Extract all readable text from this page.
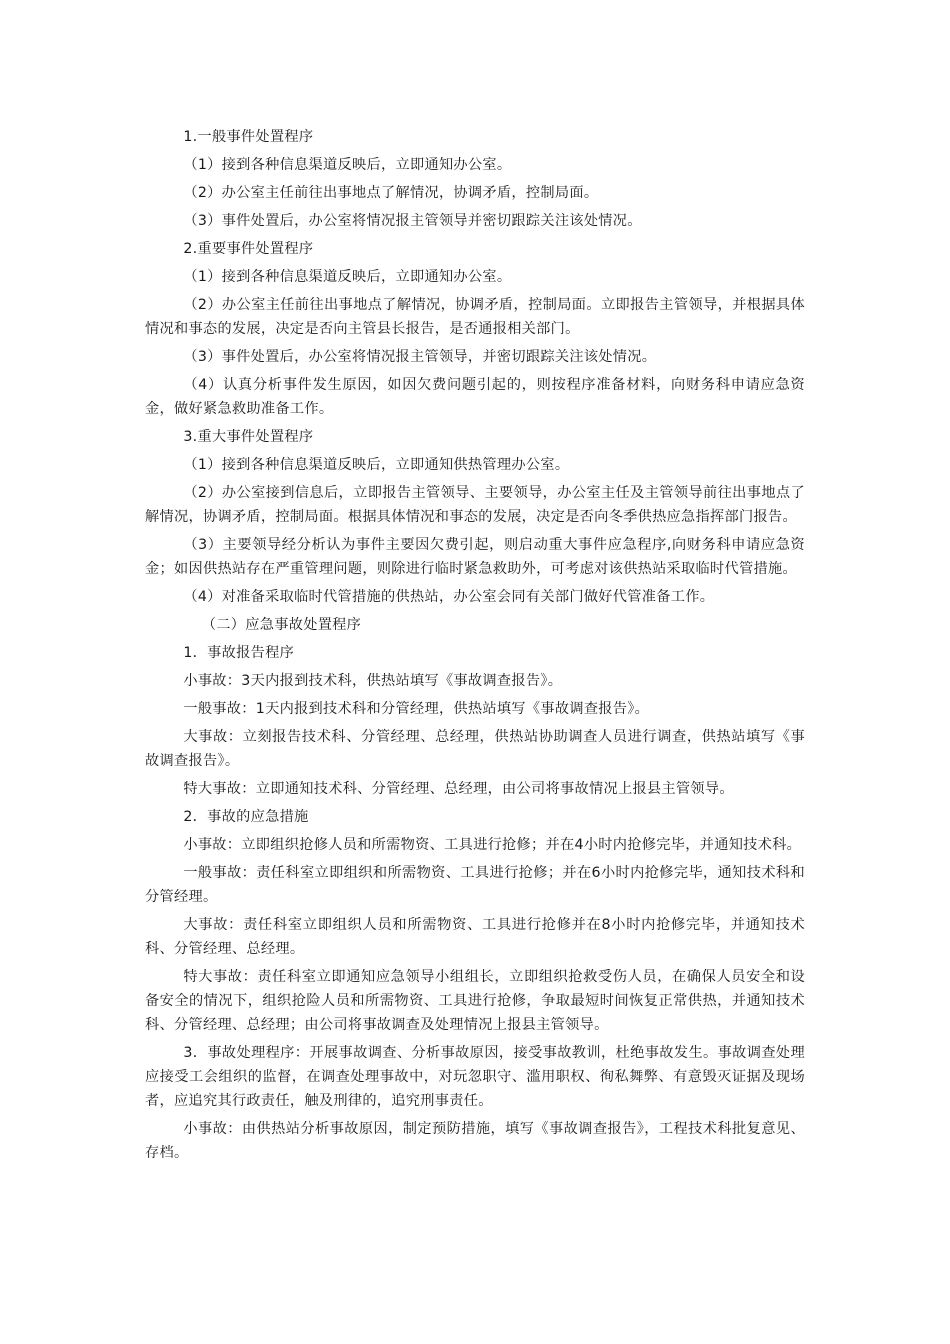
1.一般事件处置程序

（1）接到各种信息渠道反映后，立即通知办公室。

（2）办公室主任前往出事地点了解情况，协调矛盾，控制局面。

（3）事件处置后，办公室将情况报主管领导并密切跟踪关注该处情况。

2.重要事件处置程序

（1）接到各种信息渠道反映后，立即通知办公室。

（2）办公室主任前往出事地点了解情况，协调矛盾，控制局面。立即报告主管领导，并根据具体情况和事态的发展，决定是否向主管县长报告，是否通报相关部门。

（3）事件处置后，办公室将情况报主管领导，并密切跟踪关注该处情况。

（4）认真分析事件发生原因，如因欠费问题引起的，则按程序准备材料，向财务科申请应急资金，做好紧急救助准备工作。

3.重大事件处置程序

（1）接到各种信息渠道反映后，立即通知供热管理办公室。

（2）办公室接到信息后，立即报告主管领导、主要领导，办公室主任及主管领导前往出事地点了解情况，协调矛盾，控制局面。根据具体情况和事态的发展，决定是否向冬季供热应急指挥部门报告。

（3）主要领导经分析认为事件主要因欠费引起，则启动重大事件应急程序,向财务科申请应急资金；如因供热站存在严重管理问题，则除进行临时紧急救助外，可考虑对该供热站采取临时代管措施。

（4）对准备采取临时代管措施的供热站，办公室会同有关部门做好代管准备工作。

（二）应急事故处置程序

1．事故报告程序

小事故：3天内报到技术科，供热站填写《事故调查报告》。

一般事故：1天内报到技术科和分管经理，供热站填写《事故调查报告》。

大事故：立刻报告技术科、分管经理、总经理，供热站协助调查人员进行调查，供热站填写《事故调查报告》。

特大事故：立即通知技术科、分管经理、总经理，由公司将事故情况上报县主管领导。

2．事故的应急措施

小事故：立即组织抢修人员和所需物资、工具进行抢修；并在4小时内抢修完毕，并通知技术科。

一般事故：责任科室立即组织和所需物资、工具进行抢修；并在6小时内抢修完毕，通知技术科和分管经理。

大事故：责任科室立即组织人员和所需物资、工具进行抢修并在8小时内抢修完毕，并通知技术科、分管经理、总经理。

特大事故：责任科室立即通知应急领导小组组长，立即组织抢救受伤人员，在确保人员安全和设备安全的情况下，组织抢险人员和所需物资、工具进行抢修，争取最短时间恢复正常供热，并通知技术科、分管经理、总经理；由公司将事故调查及处理情况上报县主管领导。

3．事故处理程序：开展事故调查、分析事故原因，接受事故教训，杜绝事故发生。事故调查处理应接受工会组织的监督，在调查处理事故中，对玩忽职守、滥用职权、徇私舞弊、有意毁灭证据及现场者，应追究其行政责任，触及刑律的，追究刑事责任。

小事故：由供热站分析事故原因，制定预防措施，填写《事故调查报告》，工程技术科批复意见、存档。
